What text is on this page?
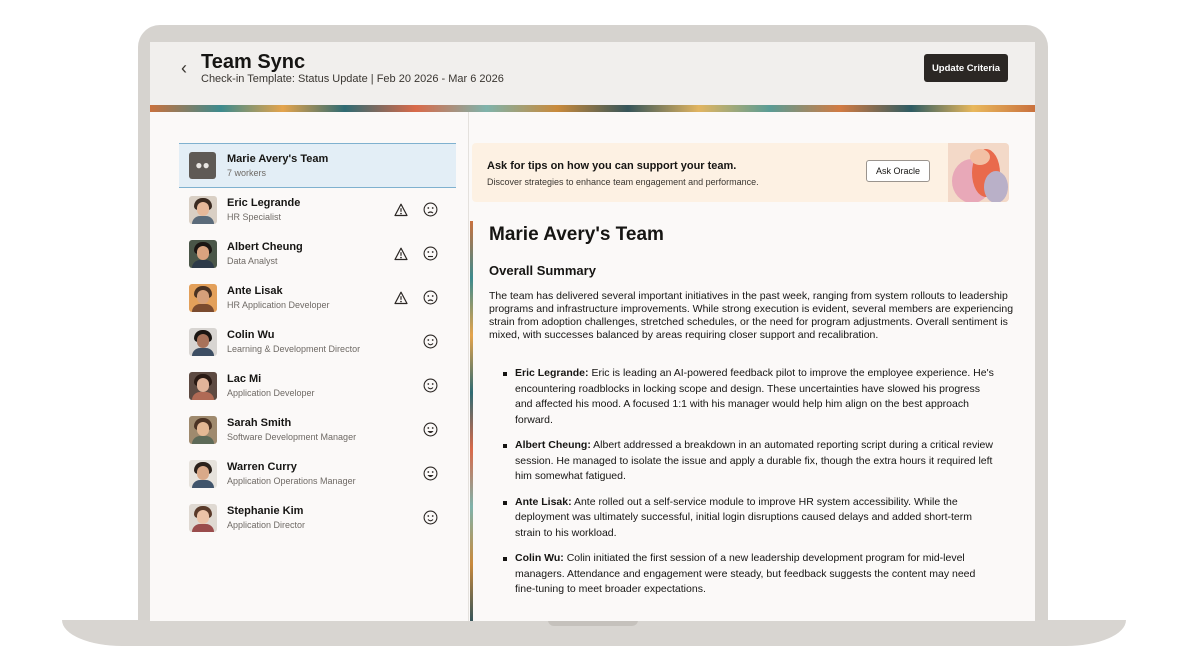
‹ Team Sync
Check-in Template: Status Update | Feb 20 2026 - Mar 6 2026
Update Criteria
●●	Marie Avery's Team
7 workers
Eric Legrande
HR Specialist
Albert Cheung
Data Analyst
Ante Lisak
HR Application Developer
Colin Wu
Learning & Development Director
Lac Mi
Application Developer
Sarah Smith
Software Development Manager
Warren Curry
Application Operations Manager
Stephanie Kim
Application Director
Ask for tips on how you can support your team.
Discover strategies to enhance team engagement and performance.
Ask Oracle
Marie Avery's Team
Overall Summary

The team has delivered several important initiatives in the past week, ranging from system rollouts to leadership programs and infrastructure improvements. While strong execution is evident, several members are experiencing strain from adoption challenges, stretched schedules, or the need for program adjustments. Overall sentiment is mixed, with successes balanced by areas requiring closer support and recalibration.

Eric Legrande: Eric is leading an AI-powered feedback pilot to improve the employee experience. He's encountering roadblocks in locking scope and design. These uncertainties have slowed his progress and affected his mood. A focused 1:1 with his manager would help him align on the best approach forward.
Albert Cheung: Albert addressed a breakdown in an automated reporting script during a critical review session. He managed to isolate the issue and apply a durable fix, though the extra hours it required left him somewhat fatigued.
Ante Lisak: Ante rolled out a self-service module to improve HR system accessibility. While the deployment was ultimately successful, initial login disruptions caused delays and added short-term strain to his workload.
Colin Wu: Colin initiated the first session of a new leadership development program for mid-level managers. Attendance and engagement were steady, but feedback suggests the content may need fine-tuning to meet broader expectations.
